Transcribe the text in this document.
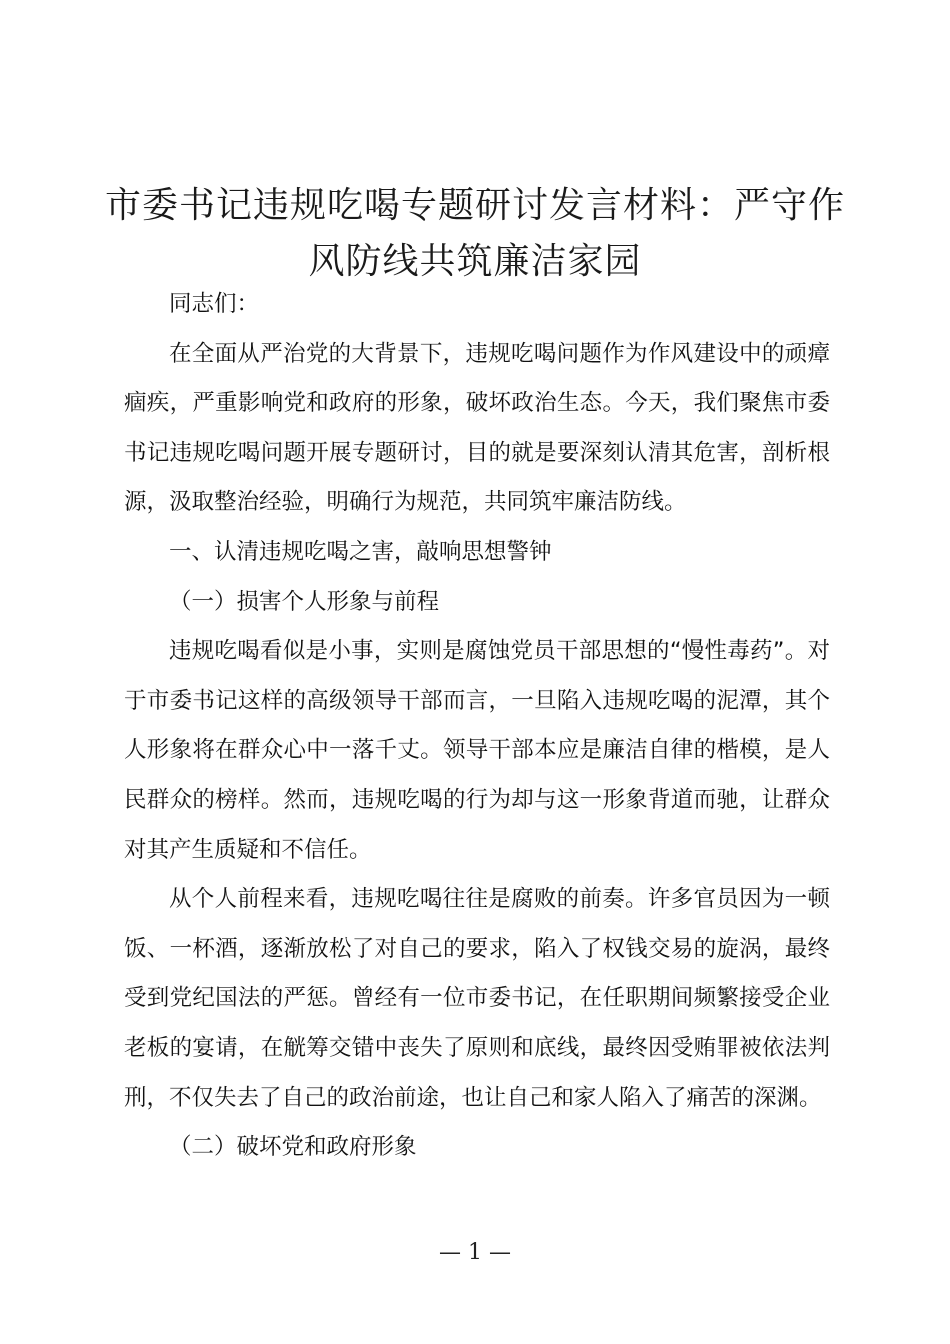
市委书记违规吃喝专题研讨发言材料：严守作风防线共筑廉洁家园

同志们：

在全面从严治党的大背景下，违规吃喝问题作为作风建设中的顽瘴痼疾，严重影响党和政府的形象，破坏政治生态。今天，我们聚焦市委书记违规吃喝问题开展专题研讨，目的就是要深刻认清其危害，剖析根源，汲取整治经验，明确行为规范，共同筑牢廉洁防线。

一、认清违规吃喝之害，敲响思想警钟

（一）损害个人形象与前程

违规吃喝看似是小事，实则是腐蚀党员干部思想的“慢性毒药”。对于市委书记这样的高级领导干部而言，一旦陷入违规吃喝的泥潭，其个人形象将在群众心中一落千丈。领导干部本应是廉洁自律的楷模，是人民群众的榜样。然而，违规吃喝的行为却与这一形象背道而驰，让群众对其产生质疑和不信任。

从个人前程来看，违规吃喝往往是腐败的前奏。许多官员因为一顿饭、一杯酒，逐渐放松了对自己的要求，陷入了权钱交易的旋涡，最终受到党纪国法的严惩。曾经有一位市委书记，在任职期间频繁接受企业老板的宴请，在觥筹交错中丧失了原则和底线，最终因受贿罪被依法判刑，不仅失去了自己的政治前途，也让自己和家人陷入了痛苦的深渊。

（二）破坏党和政府形象

— 1 —
